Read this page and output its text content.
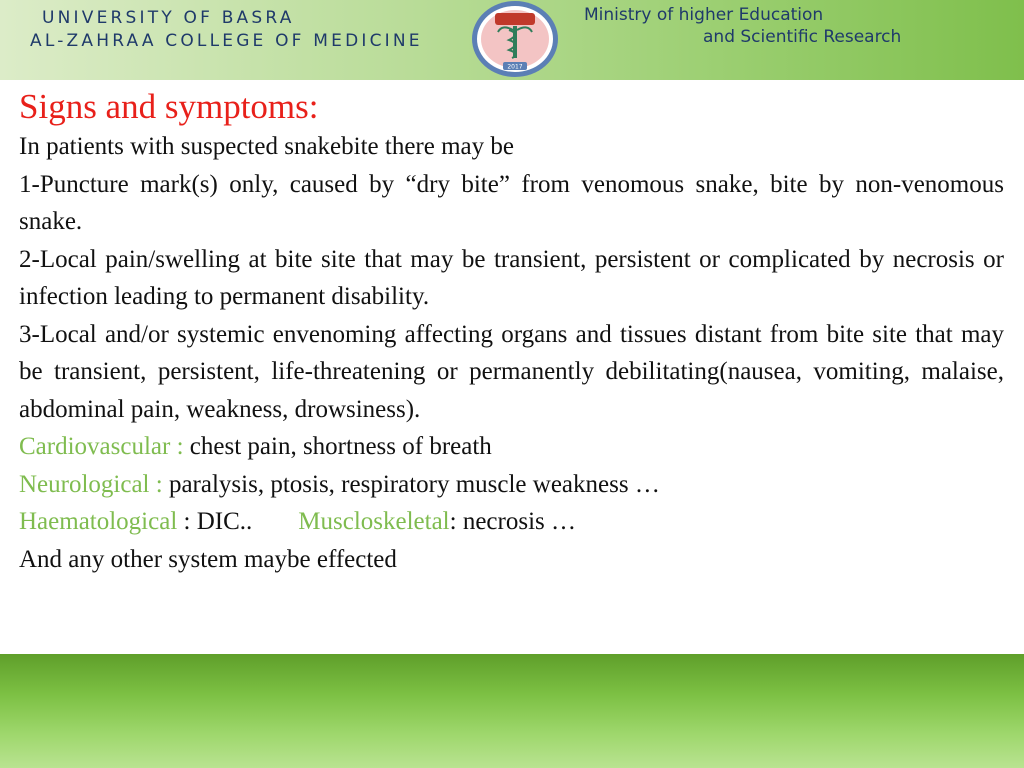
UNIVERSITY OF BASRA
AL-ZAHRAA COLLEGE OF MEDICINE
2017
Ministry of higher Education
and Scientific Research

Signs and symptoms:

In patients with suspected snakebite there may be

1-Puncture mark(s) only, caused by “dry bite” from venomous snake, bite by non-venomous snake.

2-Local pain/swelling at bite site that may be transient, persistent or complicated by necrosis or infection leading to permanent disability.

3-Local and/or systemic envenoming affecting organs and tissues distant from bite site that may be transient, persistent, life-threatening or permanently debilitating(nausea, vomiting, malaise, abdominal pain, weakness, drowsiness).

Cardiovascular : chest pain, shortness of breath

Neurological : paralysis, ptosis, respiratory muscle weakness …

Haematological : DIC.. Muscloskeletal: necrosis …

And any other system maybe effected
